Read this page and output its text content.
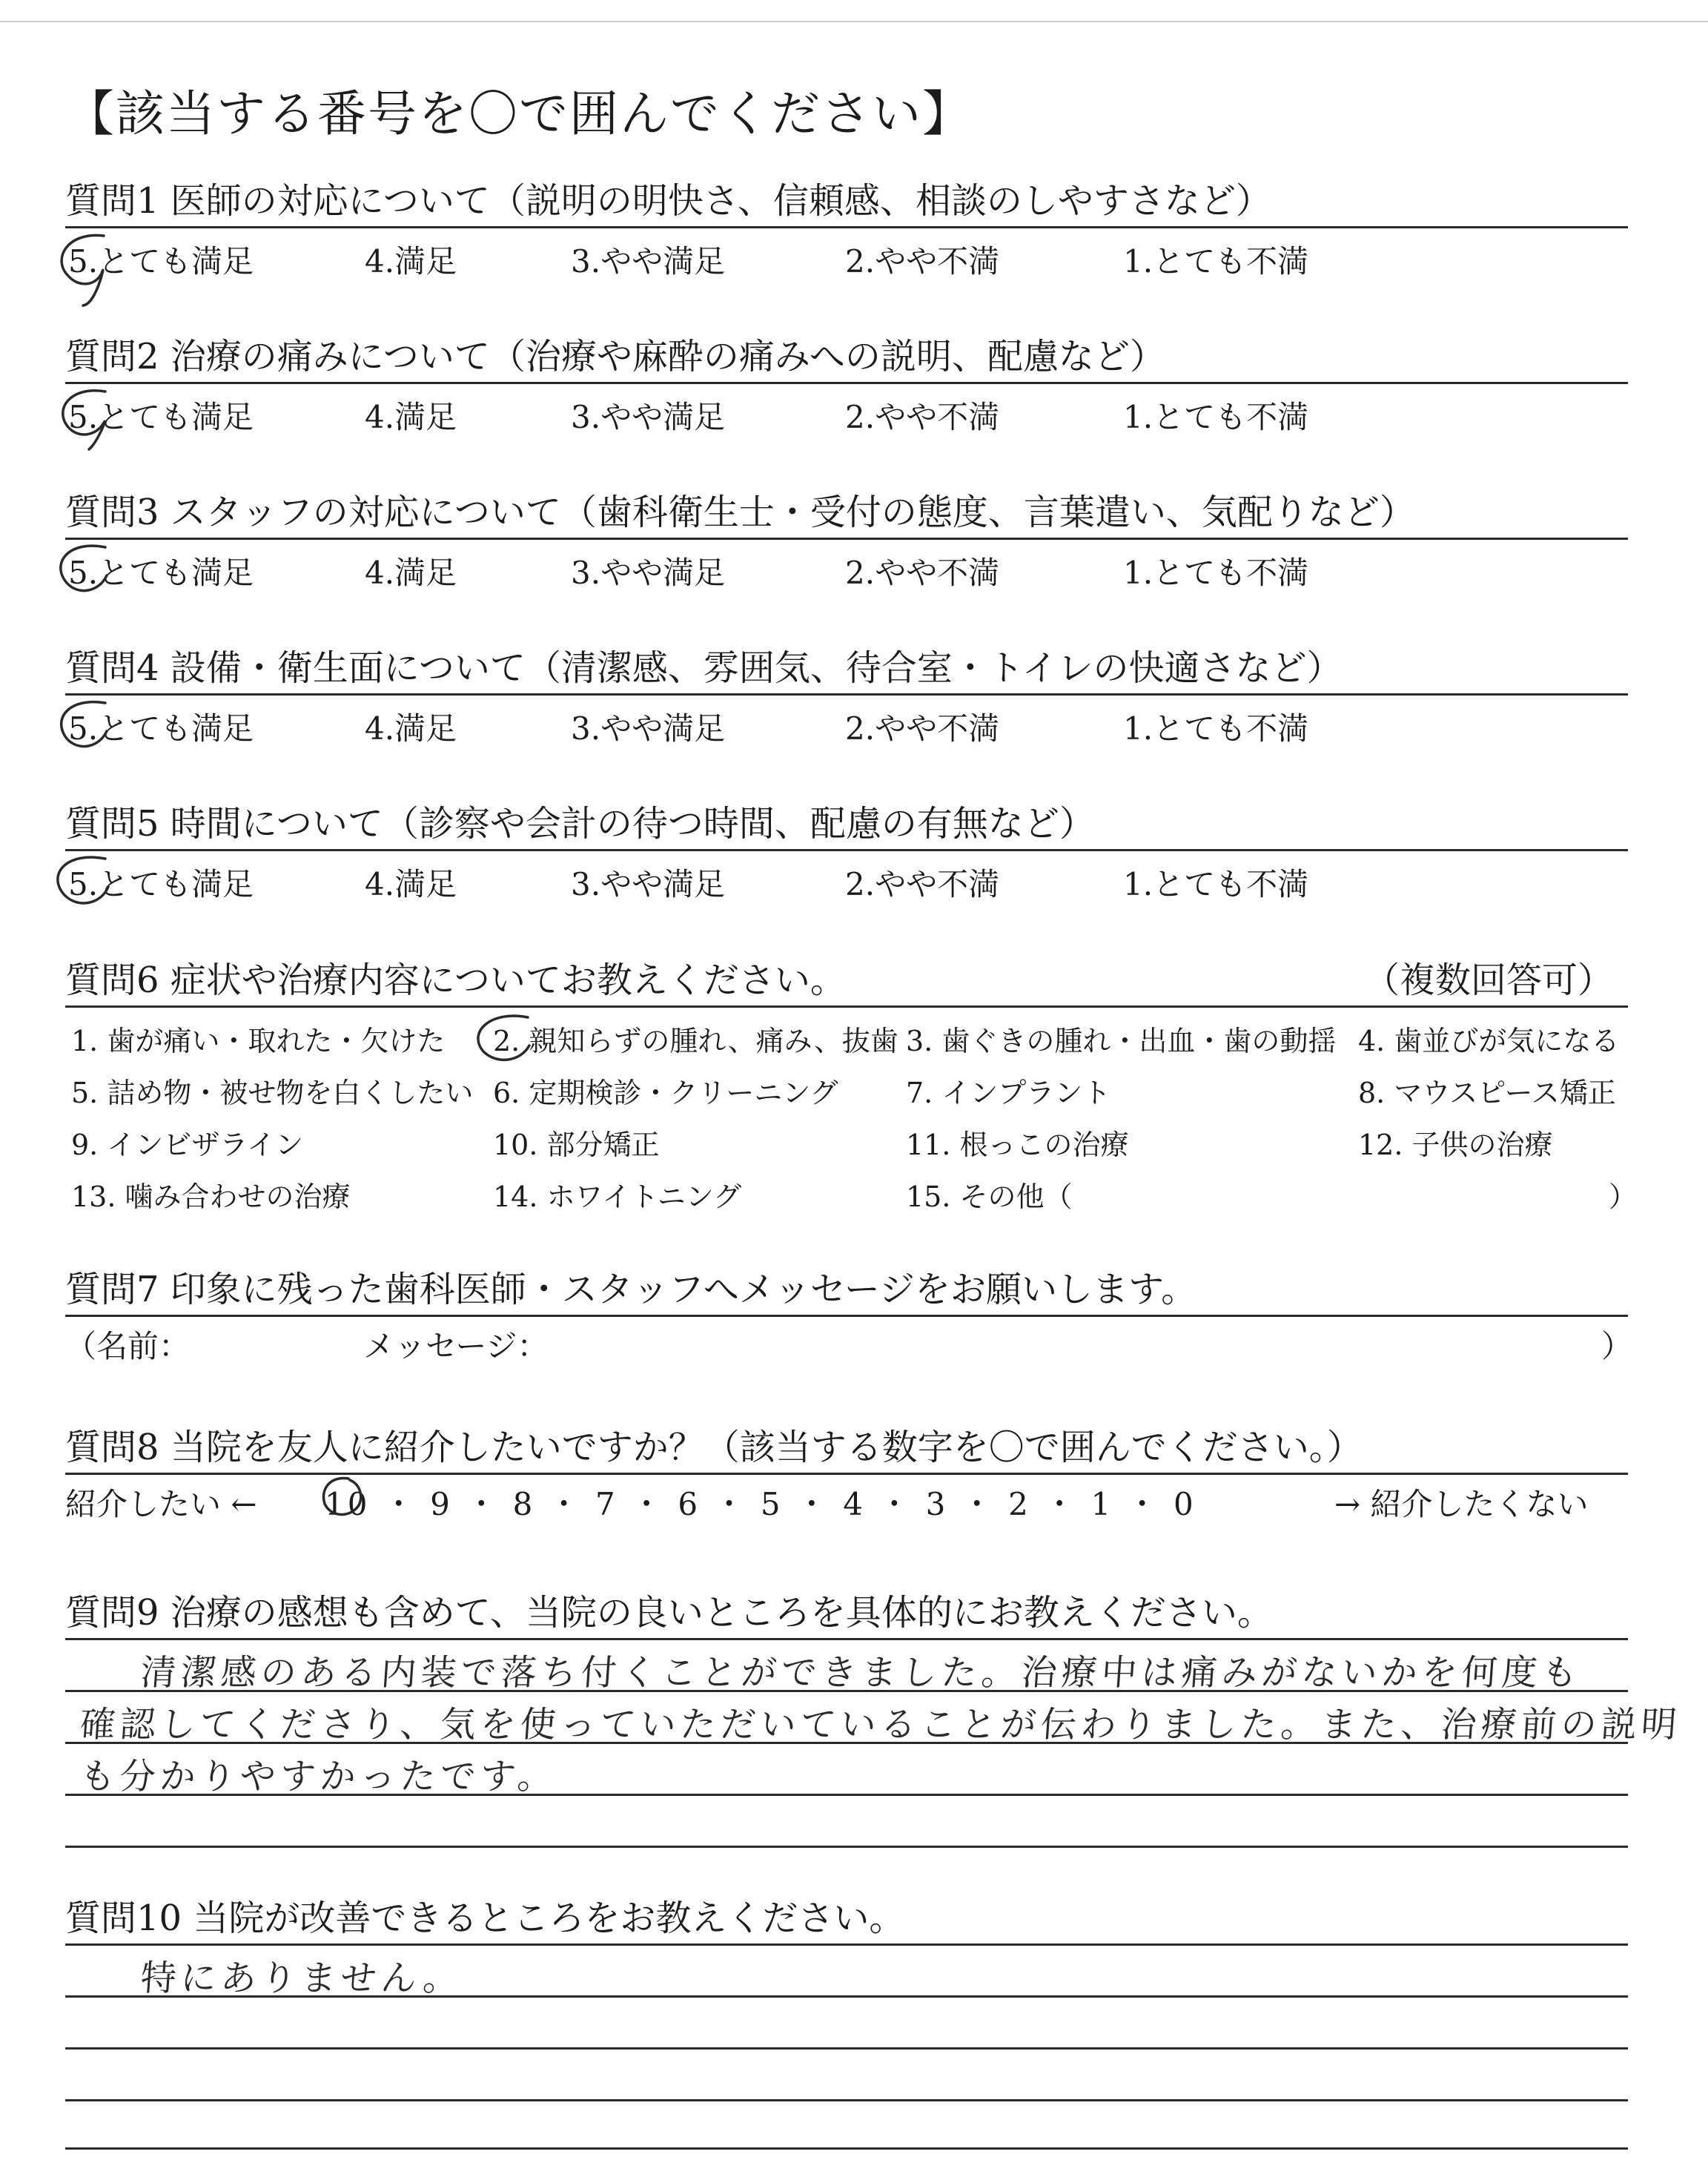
【該当する番号を〇で囲んでください】
質問1 医師の対応について（説明の明快さ、信頼感、相談のしやすさなど）
5.とても満足	4.満足	3.やや満足	2.やや不満	1.とても不満
質問2 治療の痛みについて（治療や麻酔の痛みへの説明、配慮など）
5.とても満足	4.満足	3.やや満足	2.やや不満	1.とても不満
質問3 スタッフの対応について（歯科衛生士・受付の態度、言葉遣い、気配りなど）
5.とても満足	4.満足	3.やや満足	2.やや不満	1.とても不満
質問4 設備・衛生面について（清潔感、雰囲気、待合室・トイレの快適さなど）
5.とても満足	4.満足	3.やや満足	2.やや不満	1.とても不満
質問5 時間について（診察や会計の待つ時間、配慮の有無など）
5.とても満足	4.満足	3.やや満足	2.やや不満	1.とても不満
質問6 症状や治療内容についてお教えください。	（複数回答可）
1. 歯が痛い・取れた・欠けた 2. 親知らずの腫れ、痛み、抜歯 3. 歯ぐきの腫れ・出血・歯の動揺 4. 歯並びが気になる
5. 詰め物・被せ物を白くしたい 6. 定期検診・クリーニング 7. インプラント	8. マウスピース矯正
9. インビザライン	10. 部分矯正	11. 根っこの治療	12. 子供の治療
13. 噛み合わせの治療	14. ホワイトニング	15. その他（	）
質問7 印象に残った歯科医師・スタッフへメッセージをお願いします。
（名前：	メッセージ：	）
質問8 当院を友人に紹介したいですか？（該当する数字を〇で囲んでください。）
紹介したい ← 10 ・ 9 ・ 8 ・ 7 ・ 6 ・ 5 ・ 4 ・ 3 ・ 2 ・ 1 ・ 0	→ 紹介したくない
質問9 治療の感想も含めて、当院の良いところを具体的にお教えください。
清潔感のある内装で落ち付くことができました。治療中は痛みがないかを何度も
確認してくださり、気を使っていただいていることが伝わりました。また、治療前の説明
も分かりやすかったです。
質問10 当院が改善できるところをお教えください。
特にありません。
